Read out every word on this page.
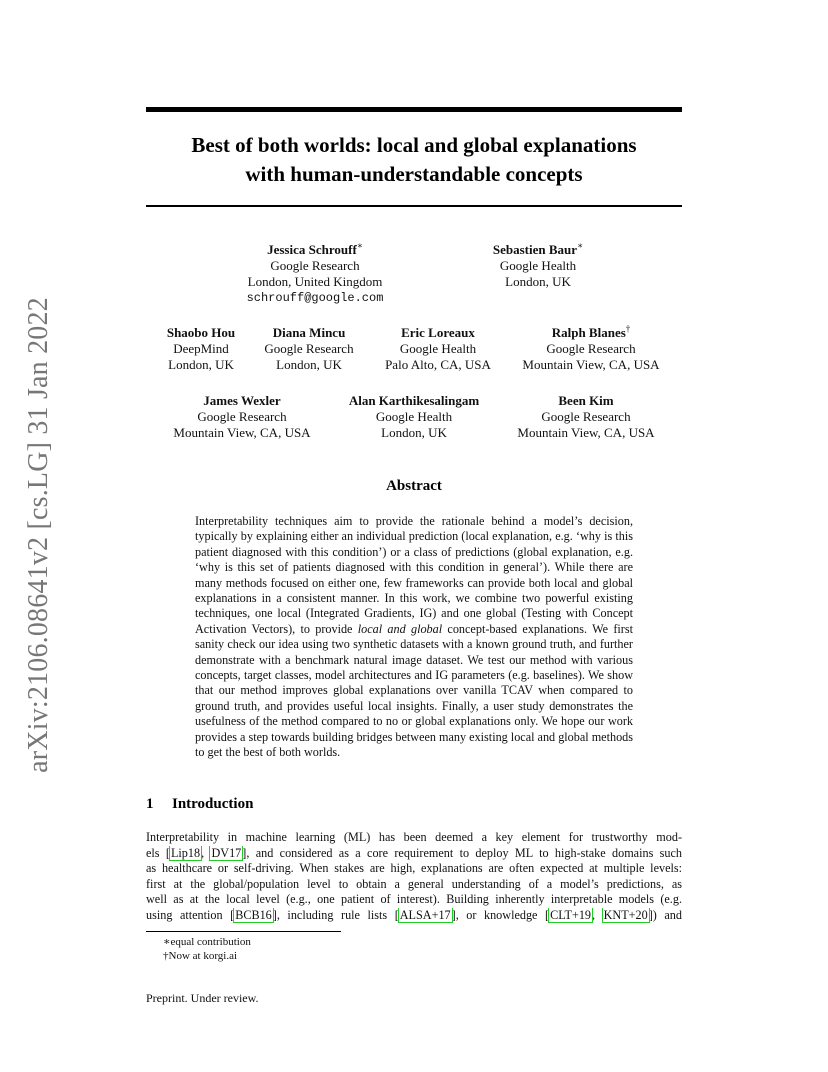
arXiv:2106.08641v2 [cs.LG] 31 Jan 2022
Best of both worlds: local and global explanations
with human-understandable concepts
Jessica Schrouff∗
Google Research
London, United Kingdom
schrouff@google.com
Sebastien Baur∗
Google Health
London, UK
Shaobo Hou
DeepMind
London, UK
Diana Mincu
Google Research
London, UK
Eric Loreaux
Google Health
Palo Alto, CA, USA
Ralph Blanes†
Google Research
Mountain View, CA, USA
James Wexler
Google Research
Mountain View, CA, USA
Alan Karthikesalingam
Google Health
London, UK
Been Kim
Google Research
Mountain View, CA, USA
Abstract

Interpretability techniques aim to provide the rationale behind a model’s decision, typically by explaining either an individual prediction (local explanation, e.g. ‘why is this patient diagnosed with this condition’) or a class of predictions (global explanation, e.g. ‘why is this set of patients diagnosed with this condition in general’). While there are many methods focused on either one, few frameworks can provide both local and global explanations in a consistent manner. In this work, we combine two powerful existing techniques, one local (Integrated Gradients, IG) and one global (Testing with Concept Activation Vectors), to provide local and global concept-based explanations. We first sanity check our idea using two synthetic datasets with a known ground truth, and further demonstrate with a benchmark natural image dataset. We test our method with various concepts, target classes, model architectures and IG parameters (e.g. baselines). We show that our method improves global explanations over vanilla TCAV when compared to ground truth, and provides useful local insights. Finally, a user study demonstrates the usefulness of the method compared to no or global explanations only. We hope our work provides a step towards building bridges between many existing local and global methods to get the best of both worlds.

1 Introduction

Interpretability in machine learning (ML) has been deemed a key element for trustworthy mod-
els [Lip18, DV17], and considered as a core requirement to deploy ML to high-stake domains such
as healthcare or self-driving. When stakes are high, explanations are often expected at multiple levels:
first at the global/population level to obtain a general understanding of a model’s predictions, as
well as at the local level (e.g., one patient of interest). Building inherently interpretable models (e.g.
using attention [BCB16], including rule lists [ALSA+17], or knowledge [CLT+19, KNT+20]) and

∗equal contribution
†Now at korgi.ai
Preprint. Under review.
